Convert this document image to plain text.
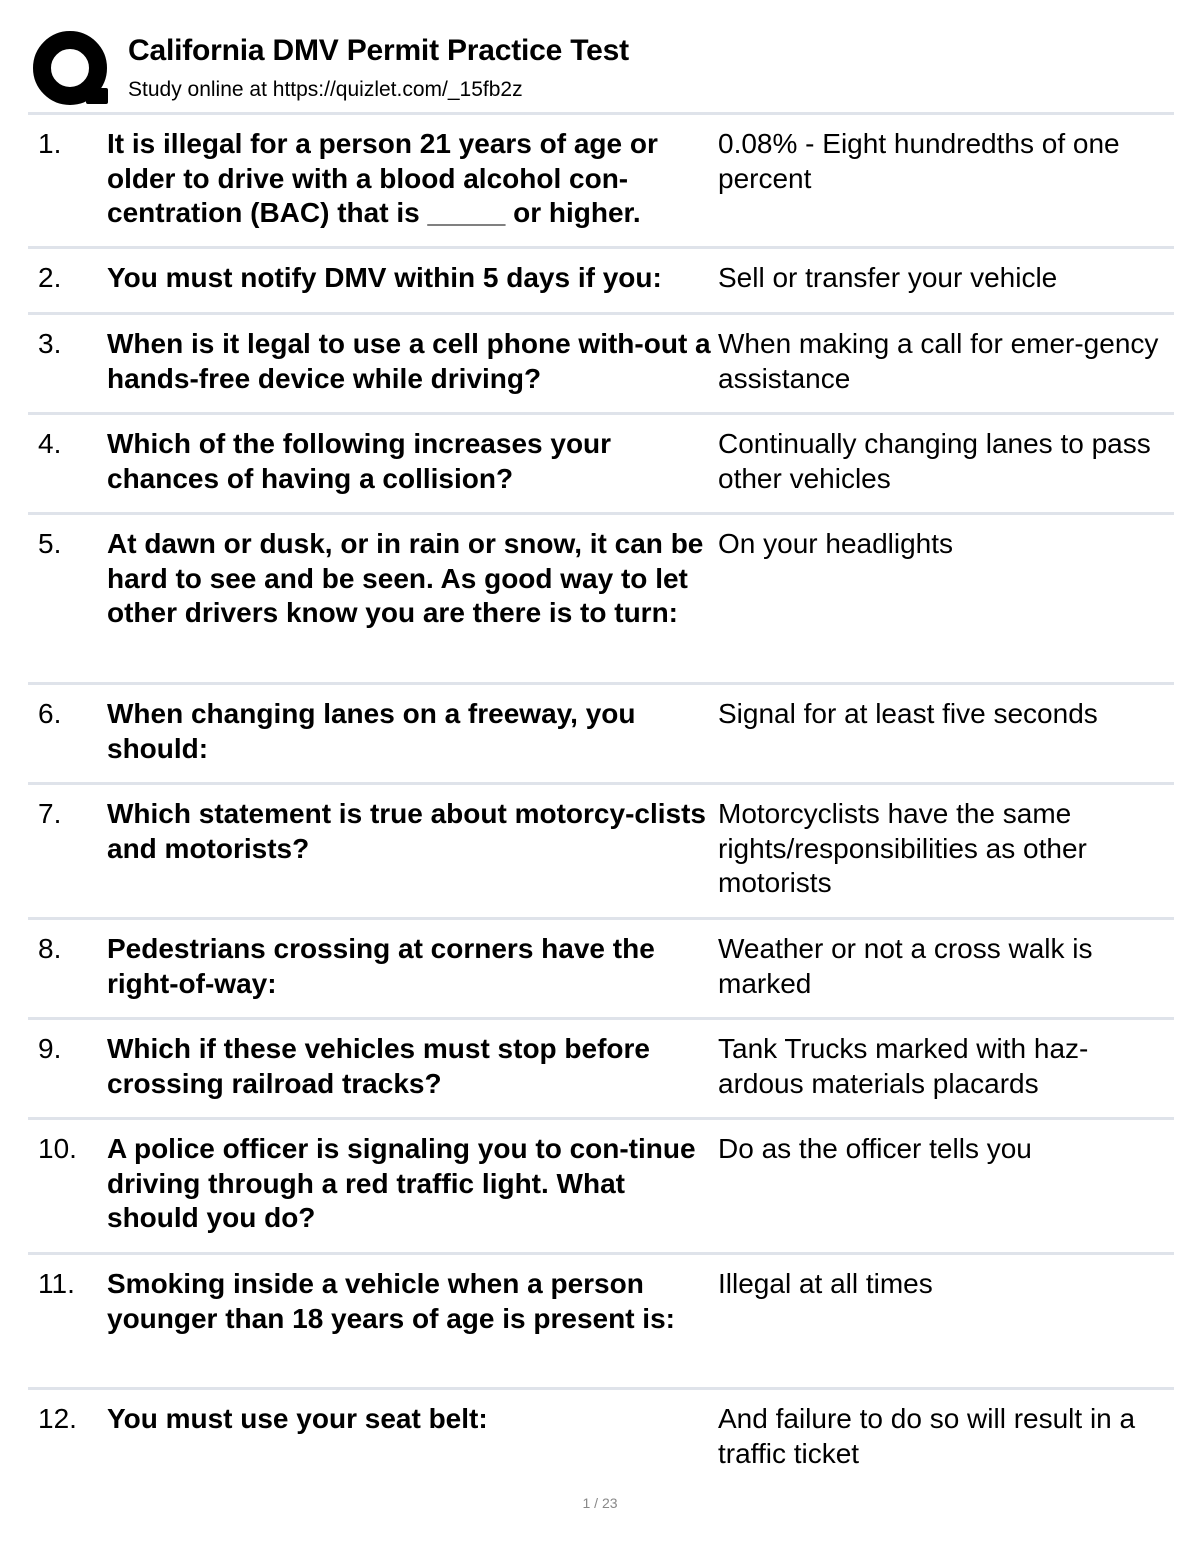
California DMV Permit Practice Test
Study online at https://quizlet.com/_15fb2z
1. It is illegal for a person 21 years of age or older to drive with a blood alcohol con-centration (BAC) that is _____ or higher.
0.08% - Eight hundredths of one percent
2. You must notify DMV within 5 days if you:	Sell or transfer your vehicle
3. When is it legal to use a cell phone with-out a hands-free device while driving?
When making a call for emer-gency assistance
4. Which of the following increases your chances of having a collision?
Continually changing lanes to pass other vehicles
5. At dawn or dusk, or in rain or snow, it can be hard to see and be seen. As good way to let other drivers know you are there is to turn:
On your headlights
6. When changing lanes on a freeway, you should:
Signal for at least five seconds
7. Which statement is true about motorcy-clists and motorists?
Motorcyclists have the same rights/responsibilities as other motorists
8. Pedestrians crossing at corners have the right-of-way:
Weather or not a cross walk is marked
9. Which if these vehicles must stop before crossing railroad tracks?
Tank Trucks marked with haz-ardous materials placards
10. A police officer is signaling you to con-tinue driving through a red traffic light. What should you do?
Do as the officer tells you
11. Smoking inside a vehicle when a person younger than 18 years of age is present is:
Illegal at all times
12. You must use your seat belt:	And failure to do so will result in a traffic ticket
1 / 23
